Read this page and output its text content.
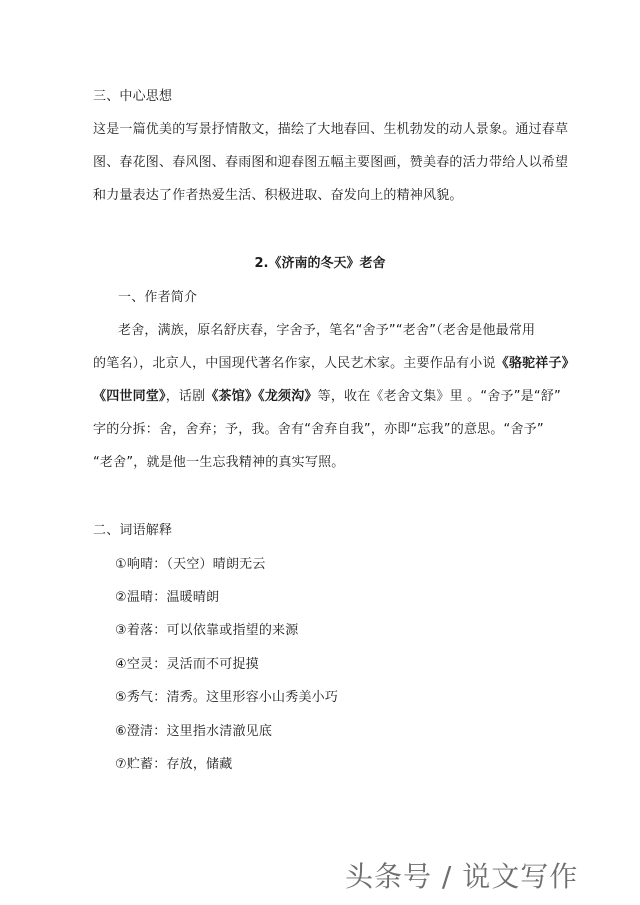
三、中心思想
这是一篇优美的写景抒情散文，描绘了大地春回、生机勃发的动人景象。通过春草
图、春花图、春风图、春雨图和迎春图五幅主要图画，赞美春的活力带给人以希望
和力量表达了作者热爱生活、积极进取、奋发向上的精神风貌。
2.《济南的冬天》老舍
一、作者简介
老舍，满族，原名舒庆春，字舍予，笔名“舍予”“老舍”（老舍是他最常用
的笔名），北京人，中国现代著名作家，人民艺术家。主要作品有小说《骆驼祥子》
《四世同堂》，话剧《茶馆》《龙须沟》等，收在《老舍文集》里 。“舍予”是“舒”
字的分拆：舍，舍弃；予，我。舍有“舍弃自我”，亦即“忘我”的意思。“舍予”
“老舍”，就是他一生忘我精神的真实写照。
二、词语解释
①响晴：（天空）晴朗无云
②温晴：温暖晴朗
③着落：可以依靠或指望的来源
④空灵：灵活而不可捉摸
⑤秀气：清秀。这里形容小山秀美小巧
⑥澄清：这里指水清澈见底
⑦贮蓄：存放，储藏
头条号 / 说文写作
